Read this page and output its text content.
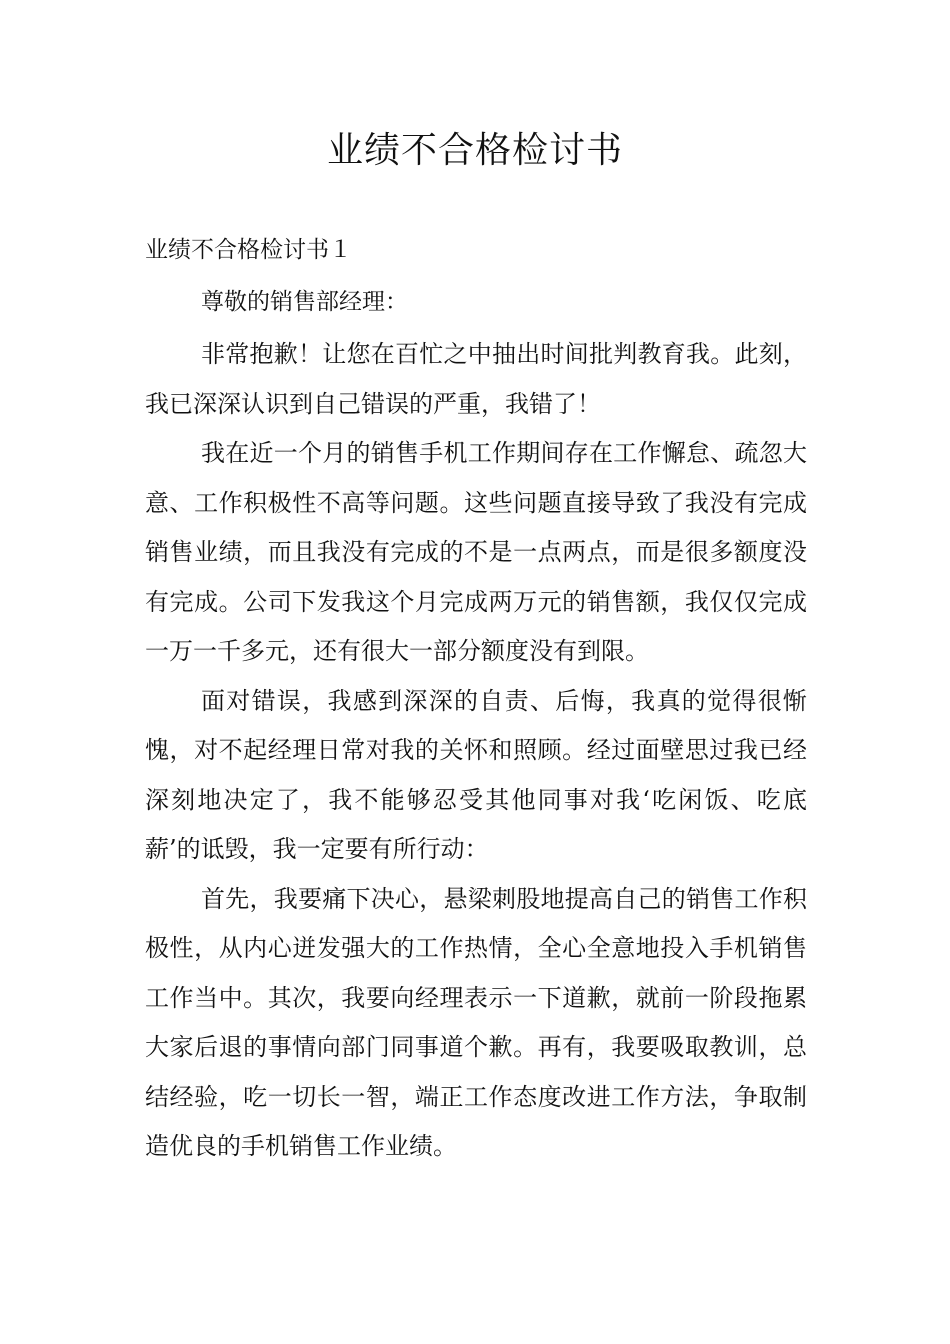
业绩不合格检讨书

业绩不合格检讨书１

尊敬的销售部经理：

非常抱歉！让您在百忙之中抽出时间批判教育我。此刻，我已深深认识到自己错误的严重，我错了！

我在近一个月的销售手机工作期间存在工作懈怠、疏忽大意、工作积极性不高等问题。这些问题直接导致了我没有完成销售业绩，而且我没有完成的不是一点两点，而是很多额度没有完成。公司下发我这个月完成两万元的销售额，我仅仅完成一万一千多元，还有很大一部分额度没有到限。

面对错误，我感到深深的自责、后悔，我真的觉得很惭愧，对不起经理日常对我的关怀和照顾。经过面壁思过我已经深刻地决定了，我不能够忍受其他同事对我‘吃闲饭、吃底薪’的诋毁，我一定要有所行动：

首先，我要痛下决心，悬梁刺股地提高自己的销售工作积极性，从内心迸发强大的工作热情，全心全意地投入手机销售工作当中。其次，我要向经理表示一下道歉，就前一阶段拖累大家后退的事情向部门同事道个歉。再有，我要吸取教训，总结经验，吃一切长一智，端正工作态度改进工作方法，争取制造优良的手机销售工作业绩。
